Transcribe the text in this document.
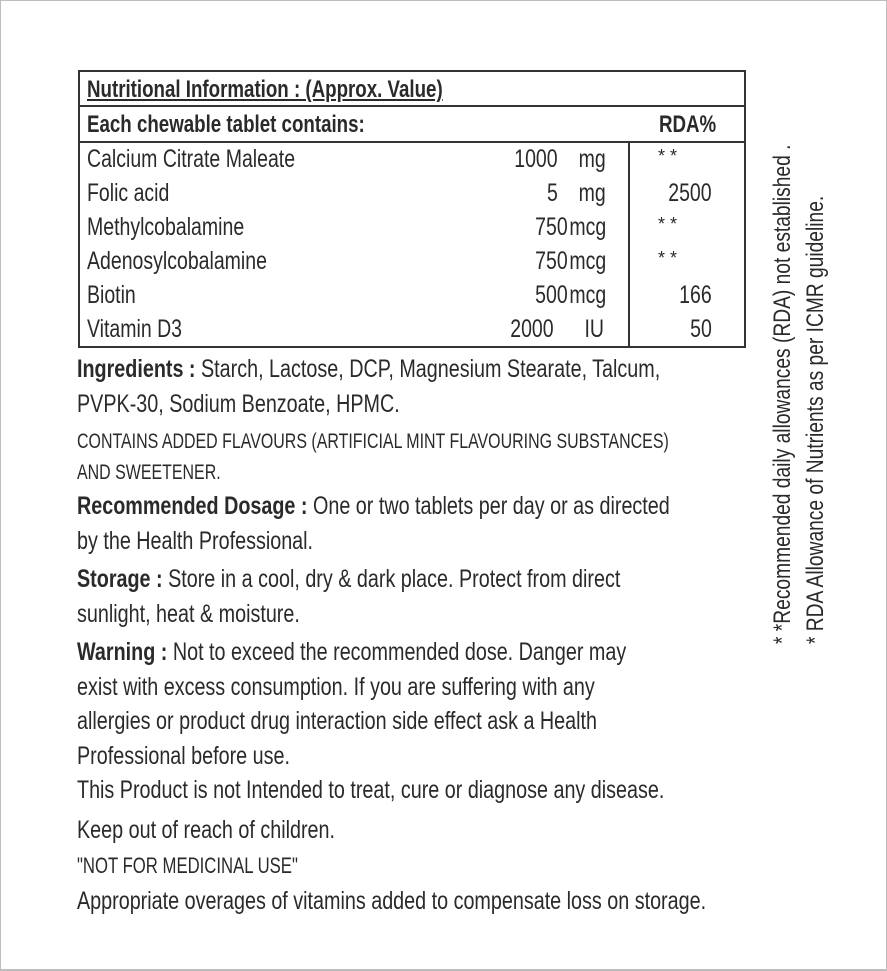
Nutritional Information : (Approx. Value)
Each chewable tablet contains:	RDA%
Calcium Citrate Maleate	1000 mg	* *
Folic acid	5 mg	2500
Methylcobalamine	750 mcg	* *
Adenosylcobalamine	750 mcg	* *
Biotin	500 mcg	166
Vitamin D3	2000 IU	50
Ingredients : Starch, Lactose, DCP, Magnesium Stearate, Talcum,
PVPK-30, Sodium Benzoate, HPMC.
CONTAINS ADDED FLAVOURS (ARTIFICIAL MINT FLAVOURING SUBSTANCES)
AND SWEETENER.
Recommended Dosage : One or two tablets per day or as directed
by the Health Professional.
Storage : Store in a cool, dry & dark place. Protect from direct
sunlight, heat & moisture.
Warning : Not to exceed the recommended dose. Danger may
exist with excess consumption. If you are suffering with any
allergies or product drug interaction side effect ask a Health
Professional before use.
This Product is not Intended to treat, cure or diagnose any disease.
Keep out of reach of children.
"NOT FOR MEDICINAL USE"
Appropriate overages of vitamins added to compensate loss on storage.
* *Recommended daily allowances (RDA) not established . * RDA Allowance of Nutrients as per ICMR guideline.
